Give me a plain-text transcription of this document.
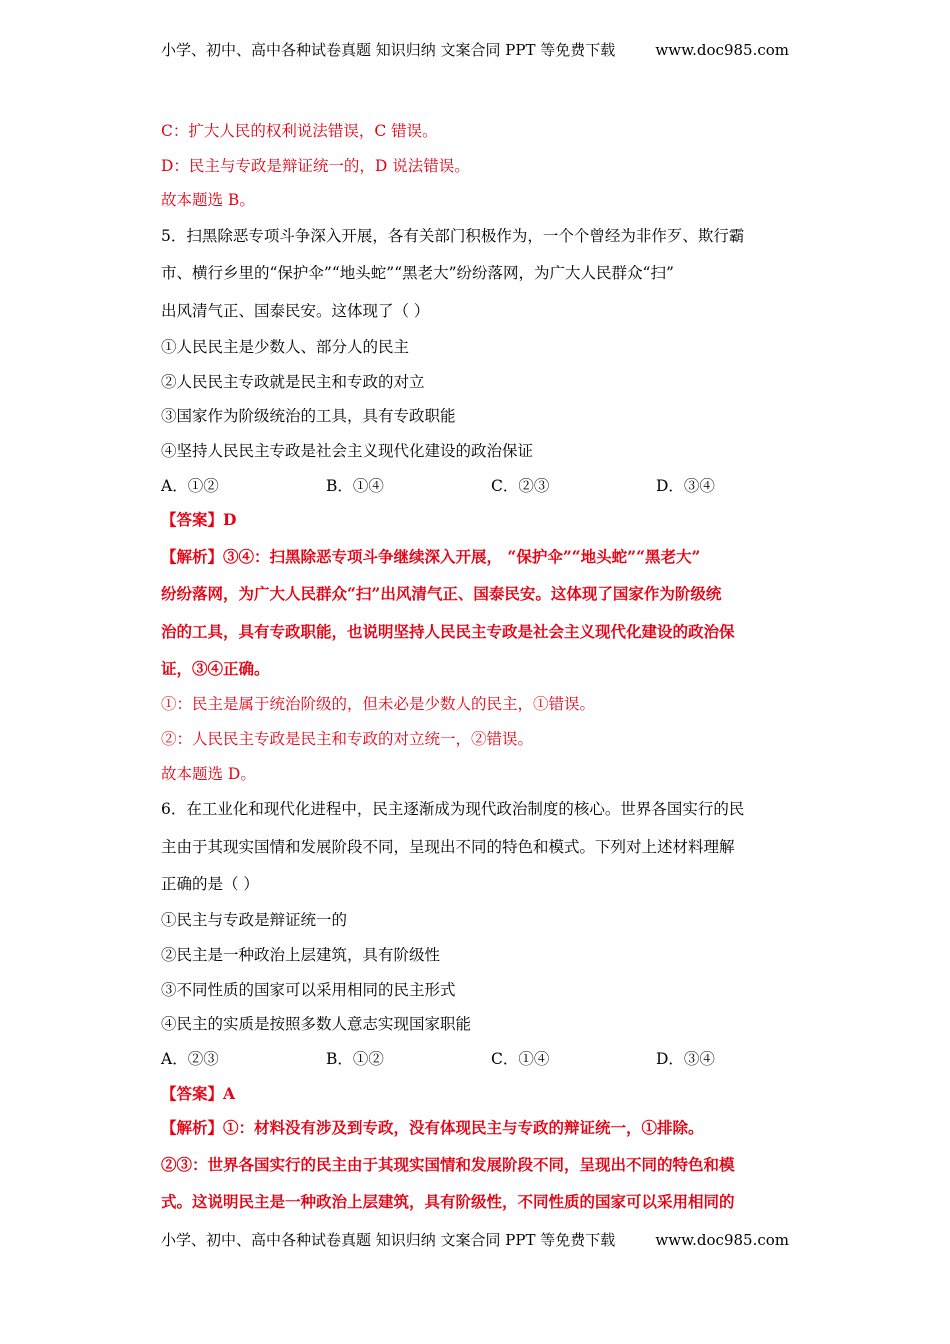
小学、初中、高中各种试卷真题 知识归纳 文案合同 PPT 等免费下载	www.doc985.com
C：扩大人民的权利说法错误，C 错误。
D：民主与专政是辩证统一的，D 说法错误。
故本题选 B。
5．扫黑除恶专项斗争深入开展，各有关部门积极作为，一个个曾经为非作歹、欺行霸
市、横行乡里的“保护伞”“地头蛇”“黑老大”纷纷落网，为广大人民群众“扫”
出风清气正、国泰民安。这体现了（ ）
①人民民主是少数人、部分人的民主
②人民民主专政就是民主和专政的对立
③国家作为阶级统治的工具，具有专政职能
④坚持人民民主专政是社会主义现代化建设的政治保证
A．①②	B．①④	C．②③	D．③④
【答案】D
【解析】③④：扫黑除恶专项斗争继续深入开展， “保护伞”“地头蛇”“黑老大”
纷纷落网，为广大人民群众“扫”出风清气正、国泰民安。这体现了国家作为阶级统
治的工具，具有专政职能，也说明坚持人民民主专政是社会主义现代化建设的政治保
证，③④正确。
①：民主是属于统治阶级的，但未必是少数人的民主，①错误。
②：人民民主专政是民主和专政的对立统一，②错误。
故本题选 D。
6．在工业化和现代化进程中，民主逐渐成为现代政治制度的核心。世界各国实行的民
主由于其现实国情和发展阶段不同，呈现出不同的特色和模式。下列对上述材料理解
正确的是（ ）
①民主与专政是辩证统一的
②民主是一种政治上层建筑，具有阶级性
③不同性质的国家可以采用相同的民主形式
④民主的实质是按照多数人意志实现国家职能
A．②③	B．①②	C．①④	D．③④
【答案】A
【解析】①：材料没有涉及到专政，没有体现民主与专政的辩证统一，①排除。
②③：世界各国实行的民主由于其现实国情和发展阶段不同，呈现出不同的特色和模
式。这说明民主是一种政治上层建筑，具有阶级性，不同性质的国家可以采用相同的
小学、初中、高中各种试卷真题 知识归纳 文案合同 PPT 等免费下载	www.doc985.com
